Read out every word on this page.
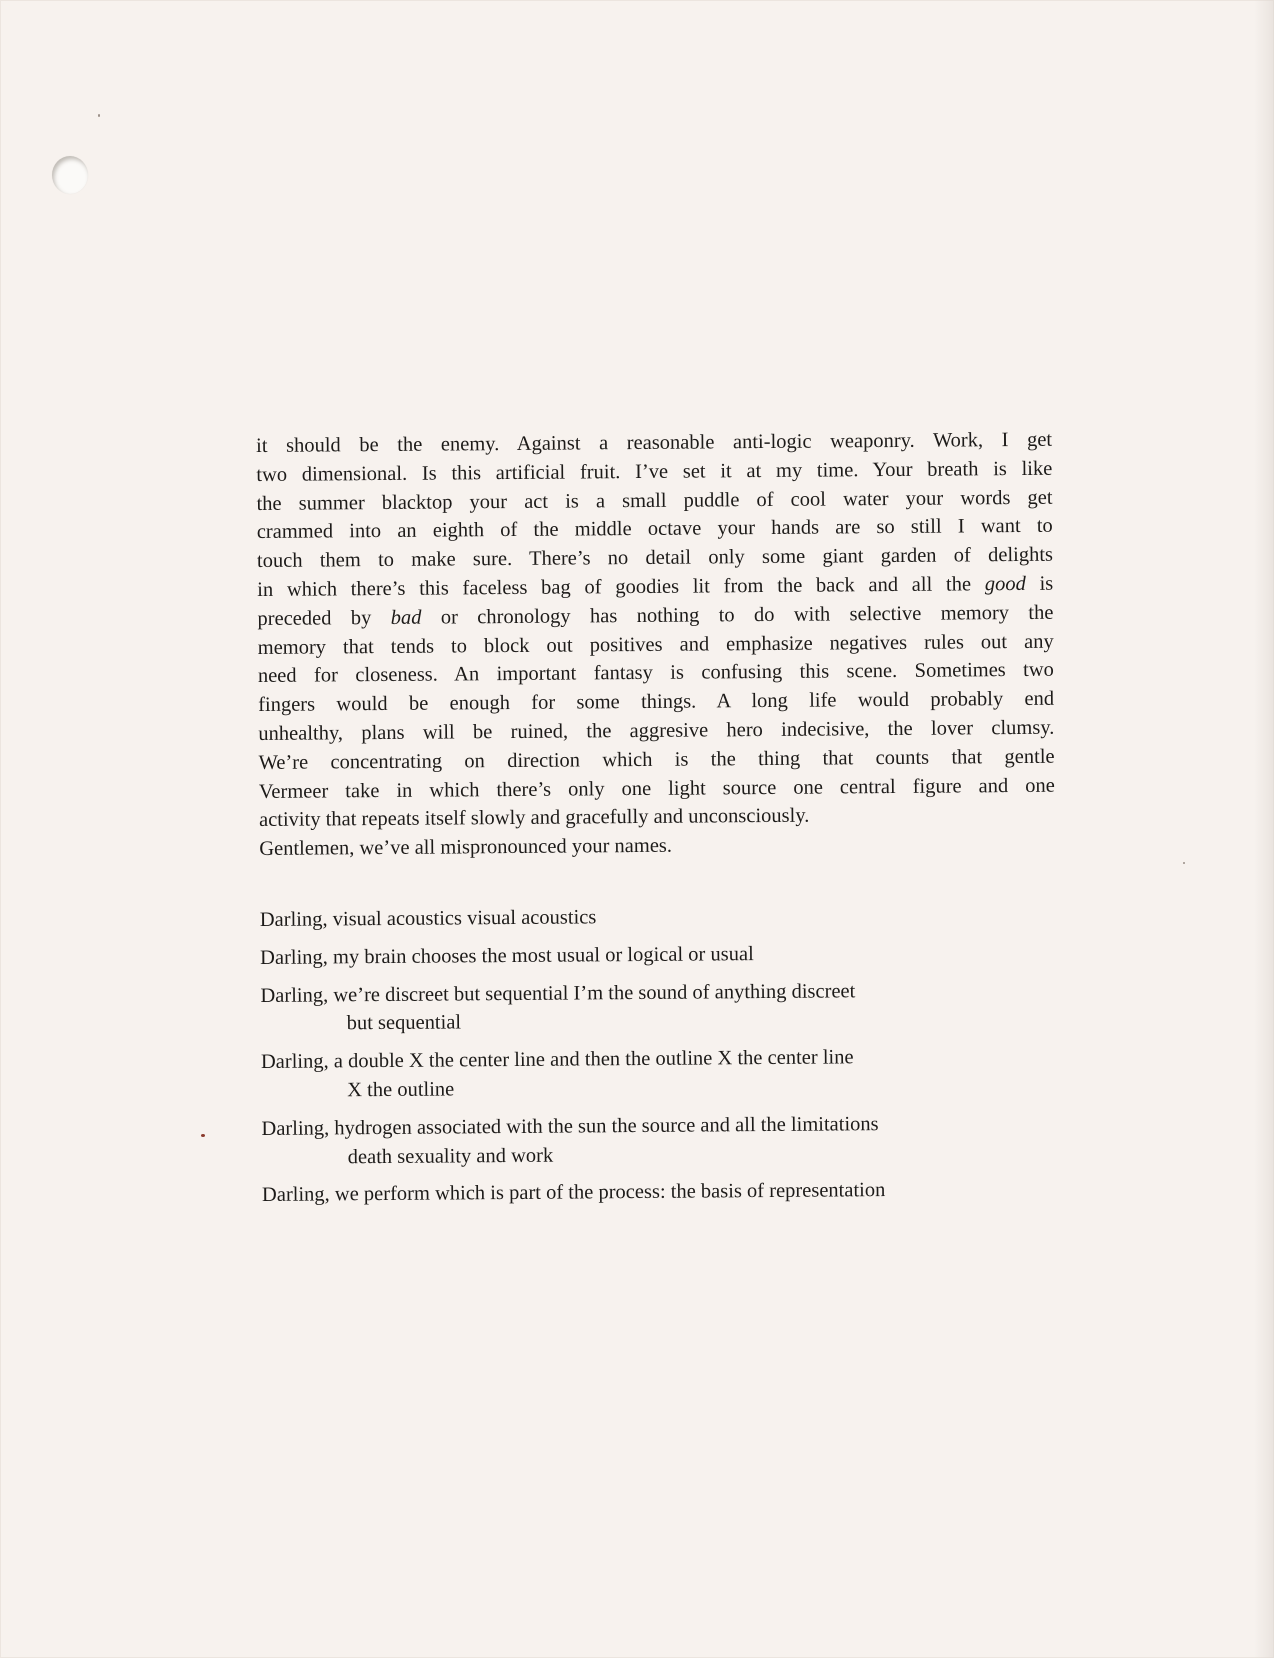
it should be the enemy. Against a reasonable anti-logic weaponry. Work, I get
two dimensional. Is this artificial fruit. I’ve set it at my time. Your breath is like
the summer blacktop your act is a small puddle of cool water your words get
crammed into an eighth of the middle octave your hands are so still I want to
touch them to make sure. There’s no detail only some giant garden of delights
in which there’s this faceless bag of goodies lit from the back and all the good is
preceded by bad or chronology has nothing to do with selective memory the
memory that tends to block out positives and emphasize negatives rules out any
need for closeness. An important fantasy is confusing this scene. Sometimes two
fingers would be enough for some things. A long life would probably end
unhealthy, plans will be ruined, the aggresive hero indecisive, the lover clumsy.
We’re concentrating on direction which is the thing that counts that gentle
Vermeer take in which there’s only one light source one central figure and one
activity that repeats itself slowly and gracefully and unconsciously.
Gentlemen, we’ve all mispronounced your names.
Darling, visual acoustics visual acoustics
Darling, my brain chooses the most usual or logical or usual
Darling, we’re discreet but sequential I’m the sound of anything discreet
but sequential
Darling, a double X the center line and then the outline X the center line
X the outline
Darling, hydrogen associated with the sun the source and all the limitations
death sexuality and work
Darling, we perform which is part of the process: the basis of representation
